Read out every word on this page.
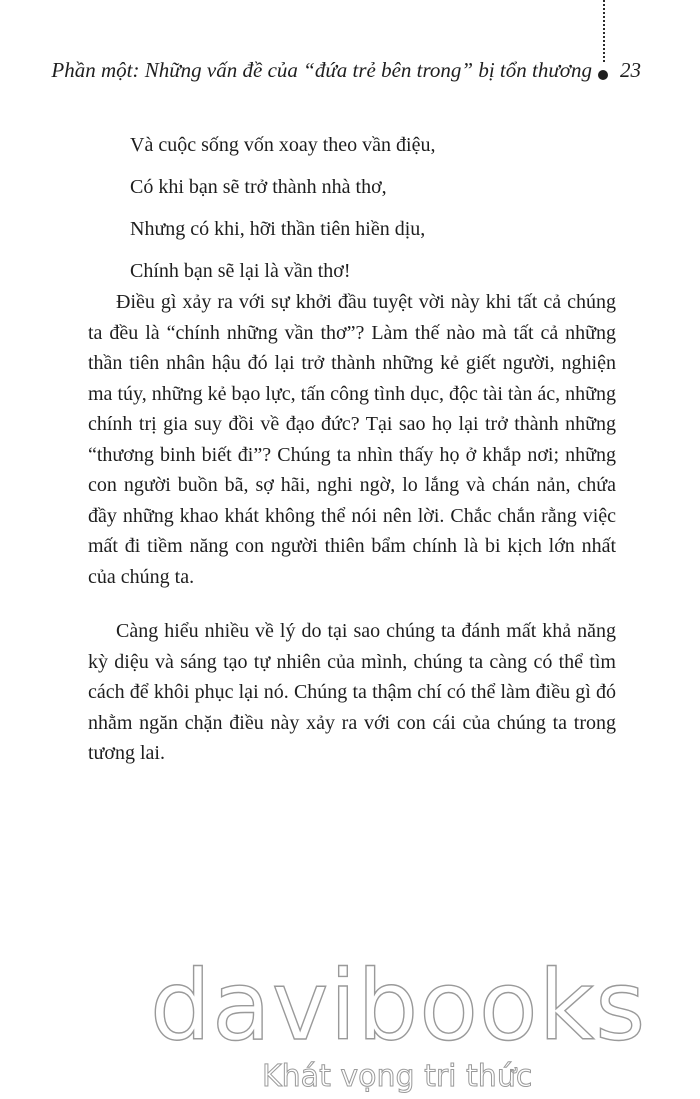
Phần một: Những vấn đề của “đứa trẻ bên trong” bị tổn thương 23
Và cuộc sống vốn xoay theo vần điệu,
Có khi bạn sẽ trở thành nhà thơ,
Nhưng có khi, hỡi thần tiên hiền dịu,
Chính bạn sẽ lại là vần thơ!

Điều gì xảy ra với sự khởi đầu tuyệt vời này khi tất cả chúng ta đều là “chính những vần thơ”? Làm thế nào mà tất cả những thần tiên nhân hậu đó lại trở thành những kẻ giết người, nghiện ma túy, những kẻ bạo lực, tấn công tình dục, độc tài tàn ác, những chính trị gia suy đồi về đạo đức? Tại sao họ lại trở thành những “thương binh biết đi”? Chúng ta nhìn thấy họ ở khắp nơi; những con người buồn bã, sợ hãi, nghi ngờ, lo lắng và chán nản, chứa đầy những khao khát không thể nói nên lời. Chắc chắn rằng việc mất đi tiềm năng con người thiên bẩm chính là bi kịch lớn nhất của chúng ta.

Càng hiểu nhiều về lý do tại sao chúng ta đánh mất khả năng kỳ diệu và sáng tạo tự nhiên của mình, chúng ta càng có thể tìm cách để khôi phục lại nó. Chúng ta thậm chí có thể làm điều gì đó nhằm ngăn chặn điều này xảy ra với con cái của chúng ta trong tương lai.

davibooks
Khát vọng tri thức
